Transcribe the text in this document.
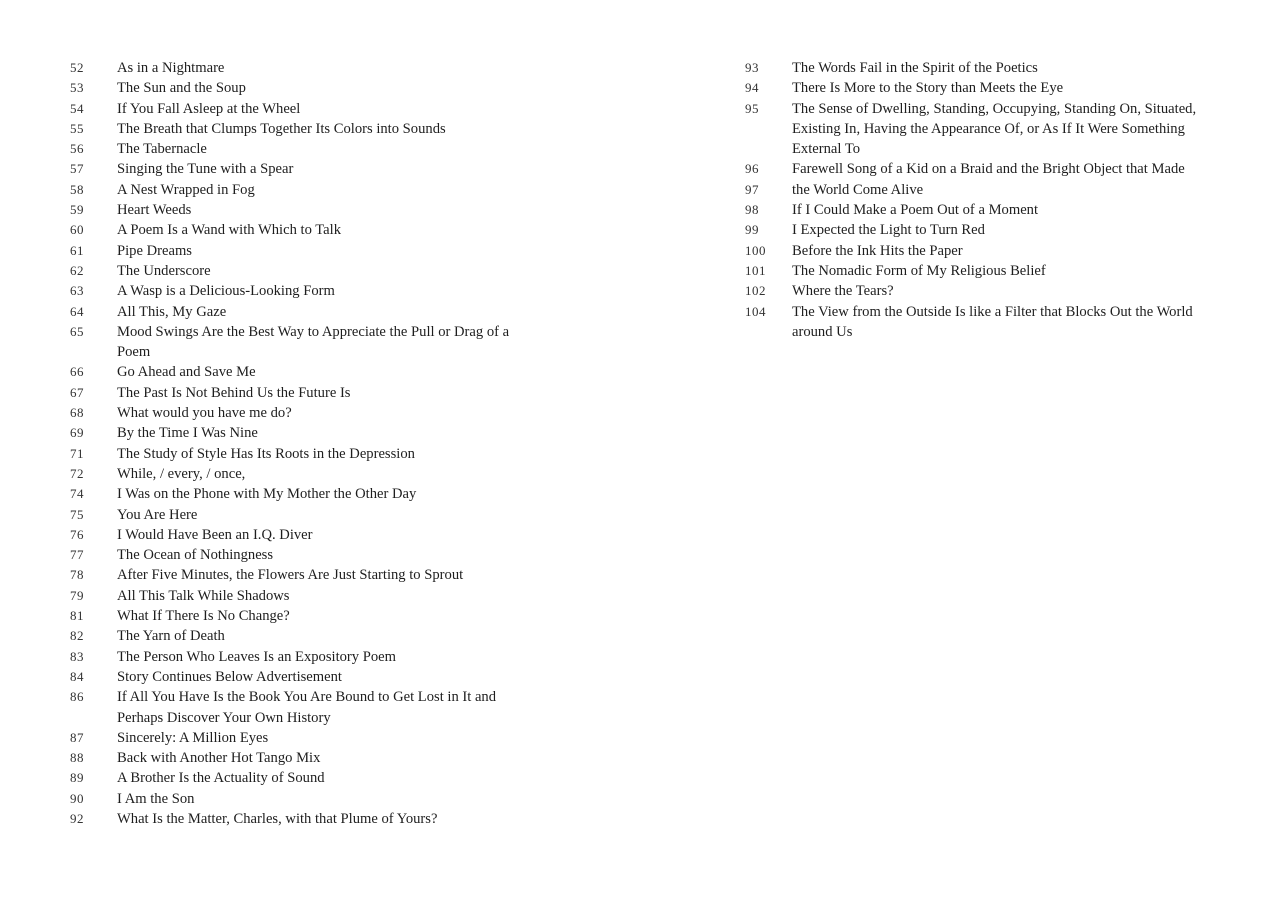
52	As in a Nightmare
53	The Sun and the Soup
54	If You Fall Asleep at the Wheel
55	The Breath that Clumps Together Its Colors into Sounds
56	The Tabernacle
57	Singing the Tune with a Spear
58	A Nest Wrapped in Fog
59	Heart Weeds
60	A Poem Is a Wand with Which to Talk
61	Pipe Dreams
62	The Underscore
63	A Wasp is a Delicious-Looking Form
64	All This, My Gaze
65	Mood Swings Are the Best Way to Appreciate the Pull or Drag of a Poem
66	Go Ahead and Save Me
67	The Past Is Not Behind Us the Future Is
68	What would you have me do?
69	By the Time I Was Nine
71	The Study of Style Has Its Roots in the Depression
72	While, / every, / once,
74	I Was on the Phone with My Mother the Other Day
75	You Are Here
76	I Would Have Been an I.Q. Diver
77	The Ocean of Nothingness
78	After Five Minutes, the Flowers Are Just Starting to Sprout
79	All This Talk While Shadows
81	What If There Is No Change?
82	The Yarn of Death
83	The Person Who Leaves Is an Expository Poem
84	Story Continues Below Advertisement
86	If All You Have Is the Book You Are Bound to Get Lost in It and Perhaps Discover Your Own History
87	Sincerely: A Million Eyes
88	Back with Another Hot Tango Mix
89	A Brother Is the Actuality of Sound
90	I Am the Son
92	What Is the Matter, Charles, with that Plume of Yours?
93	The Words Fail in the Spirit of the Poetics
94	There Is More to the Story than Meets the Eye
95	The Sense of Dwelling, Standing, Occupying, Standing On, Situated, Existing In, Having the Appearance Of, or As If It Were Something External To
96	Farewell Song of a Kid on a Braid and the Bright Object that Made
97	the World Come Alive
98	If I Could Make a Poem Out of a Moment
99	I Expected the Light to Turn Red
100	Before the Ink Hits the Paper
101	The Nomadic Form of My Religious Belief
102	Where the Tears?
104	The View from the Outside Is like a Filter that Blocks Out the World around Us
